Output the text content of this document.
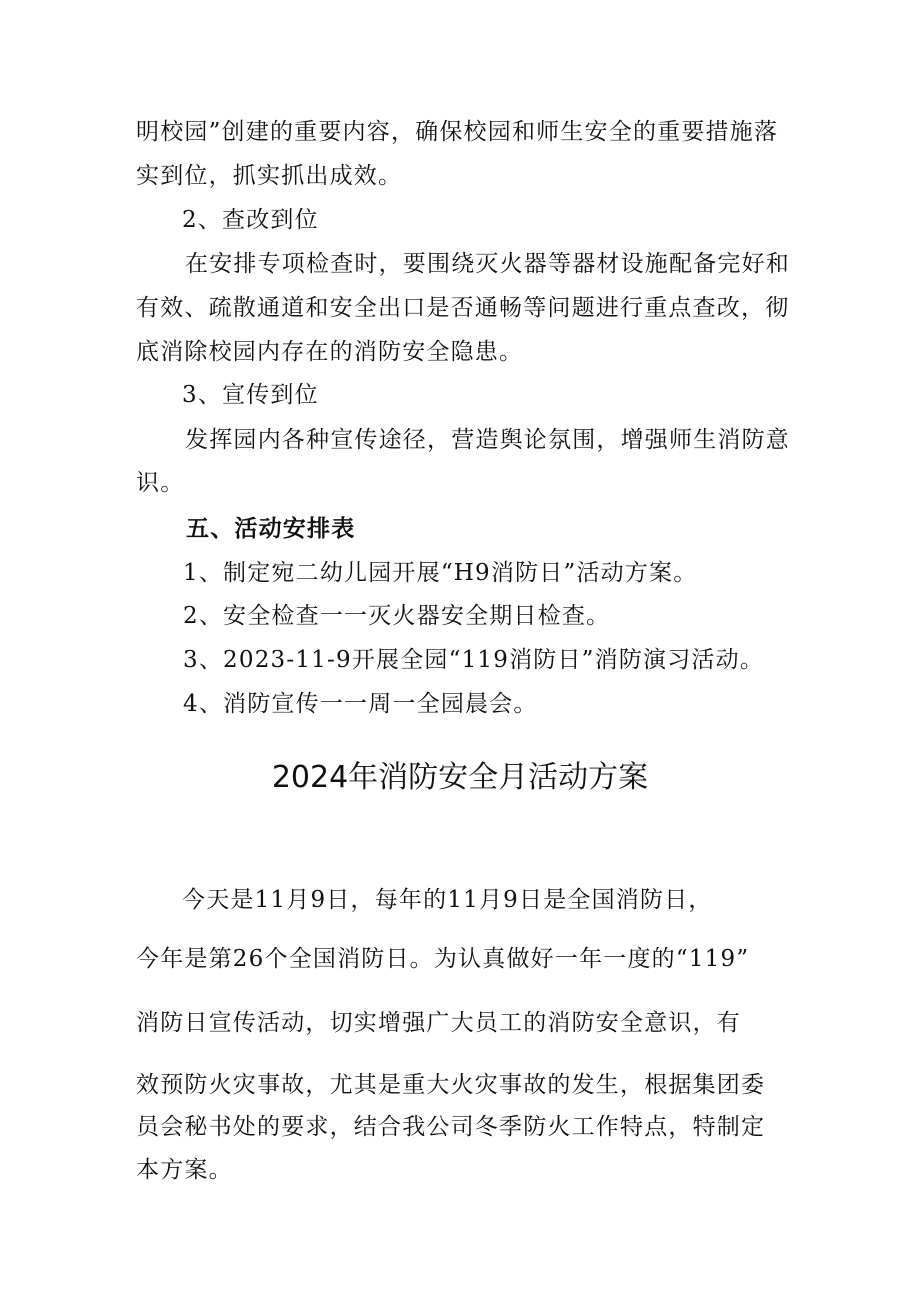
明校园”创建的重要内容，确保校园和师生安全的重要措施落
实到位，抓实抓出成效。
2、查改到位
在安排专项检查时，要围绕灭火器等器材设施配备完好和
有效、疏散通道和安全出口是否通畅等问题进行重点查改，彻
底消除校园内存在的消防安全隐患。
3、宣传到位
发挥园内各种宣传途径，营造舆论氛围，增强师生消防意
识。
五、活动安排表
1、制定宛二幼儿园开展“H9消防日”活动方案。
2、安全检查一一灭火器安全期日检查。
3、2023-11-9开展全园“119消防日”消防演习活动。
4、消防宣传一一周一全园晨会。
2024年消防安全月活动方案
今天是11月9日，每年的11月9日是全国消防日，
今年是第26个全国消防日。为认真做好一年一度的“119”
消防日宣传活动，切实增强广大员工的消防安全意识，有
效预防火灾事故，尤其是重大火灾事故的发生，根据集团委
员会秘书处的要求，结合我公司冬季防火工作特点，特制定
本方案。
